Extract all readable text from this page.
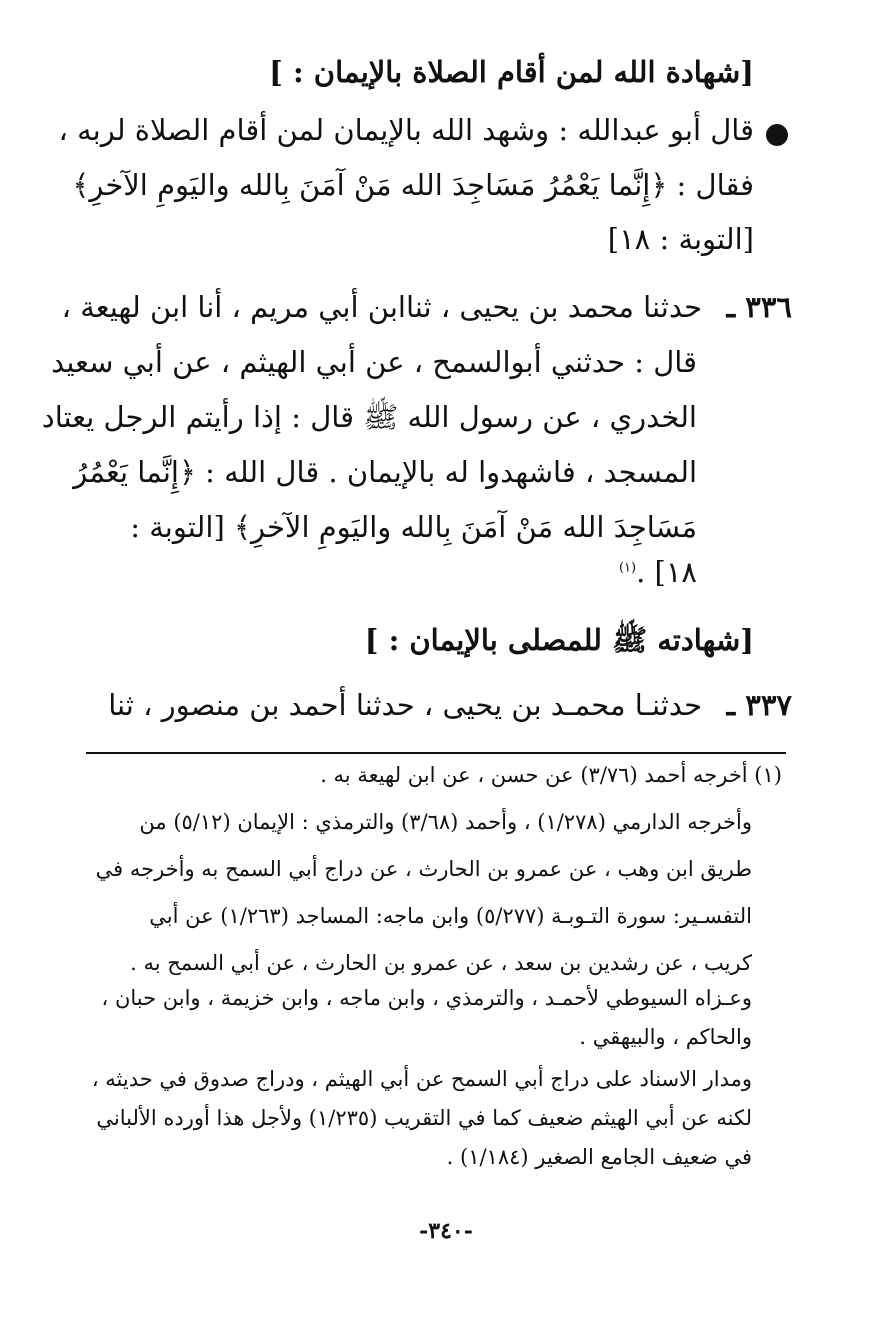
[شهادة الله لمن أقام الصلاة بالإيمان : ]
قال أبو عبدالله : وشهد الله بالإيمان لمن أقام الصلاة لربه ،
فقال : ﴿إِنَّما يَعْمُرُ مَسَاجِدَ الله مَنْ آمَنَ بِالله واليَومِ الآخرِ﴾
[التوبة : ١٨]
٣٣٦ ـ
حدثنا محمد بن يحيى ، ثناابن أبي مريم ، أنا ابن لهيعة ،
قال : حدثني أبوالسمح ، عن أبي الهيثم ، عن أبي سعيد
الخدري ، عن رسول الله ﷺ قال : إذا رأيتم الرجل يعتاد
المسجد ، فاشهدوا له بالإيمان . قال الله : ﴿إِنَّما يَعْمُرُ
مَسَاجِدَ الله مَنْ آمَنَ بِالله واليَومِ الآخرِ﴾ [التوبة :
١٨] .$^{(١)}$
[شهادته ﷺ للمصلى بالإيمان : ]
٣٣٧ ـ
حدثنـا محمـد بن يحيى ، حدثنا أحمد بن منصور ، ثنا
(١) أخرجه أحمد (٣/٧٦) عن حسن ، عن ابن لهيعة به .
وأخرجه الدارمي (١/٢٧٨) ، وأحمد (٣/٦٨) والترمذي : الإيمان (٥/١٢) من
طريق ابن وهب ، عن عمرو بن الحارث ، عن دراج أبي السمح به وأخرجه في
التفسـير: سورة التـوبـة (٥/٢٧٧) وابن ماجه: المساجد (١/٢٦٣) عن أبي
كريب ، عن رشدين بن سعد ، عن عمرو بن الحارث ، عن أبي السمح به .
وعـزاه السيوطي لأحمـد ، والترمذي ، وابن ماجه ، وابن خزيمة ، وابن حبان ،
والحاكم ، والبيهقي .
ومدار الاسناد على دراج أبي السمح عن أبي الهيثم ، ودراج صدوق في حديثه ،
لكنه عن أبي الهيثم ضعيف كما في التقريب (١/٢٣٥) ولأجل هذا أورده الألباني
في ضعيف الجامع الصغير (١/١٨٤) .
-٣٤٠-
